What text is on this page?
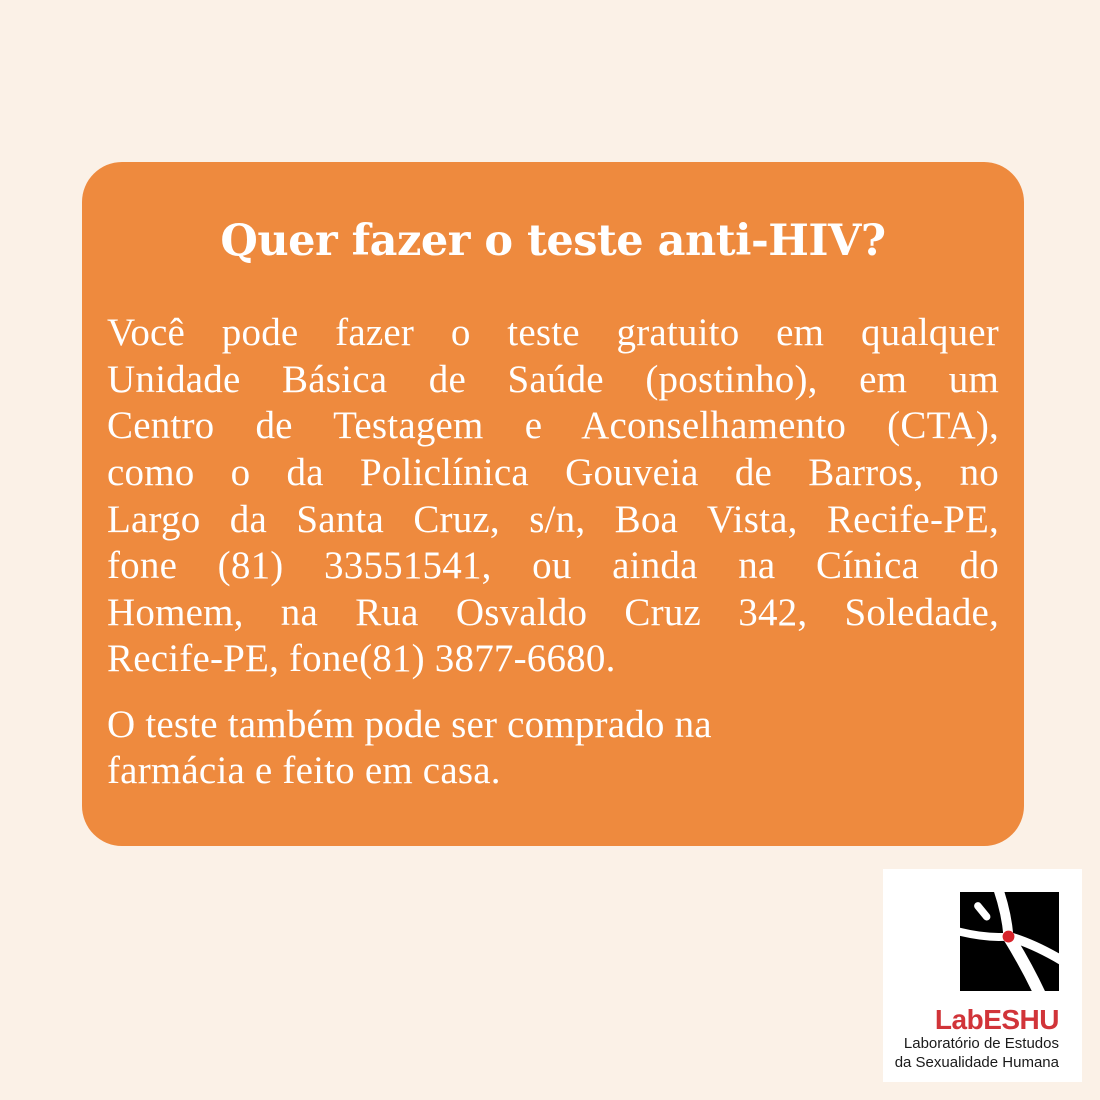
Quer fazer o teste anti-HIV?
Você pode fazer o teste gratuito em qualquer
Unidade Básica de Saúde (postinho), em um
Centro de Testagem e Aconselhamento (CTA),
como o da Policlínica Gouveia de Barros, no
Largo da Santa Cruz, s/n, Boa Vista, Recife-PE,
fone (81) 33551541, ou ainda na Cínica do
Homem, na Rua Osvaldo Cruz 342, Soledade,
Recife-PE, fone(81) 3877-6680.
O teste também pode ser comprado na
farmácia e feito em casa.
LabESHU
Laboratório de Estudos
da Sexualidade Humana
